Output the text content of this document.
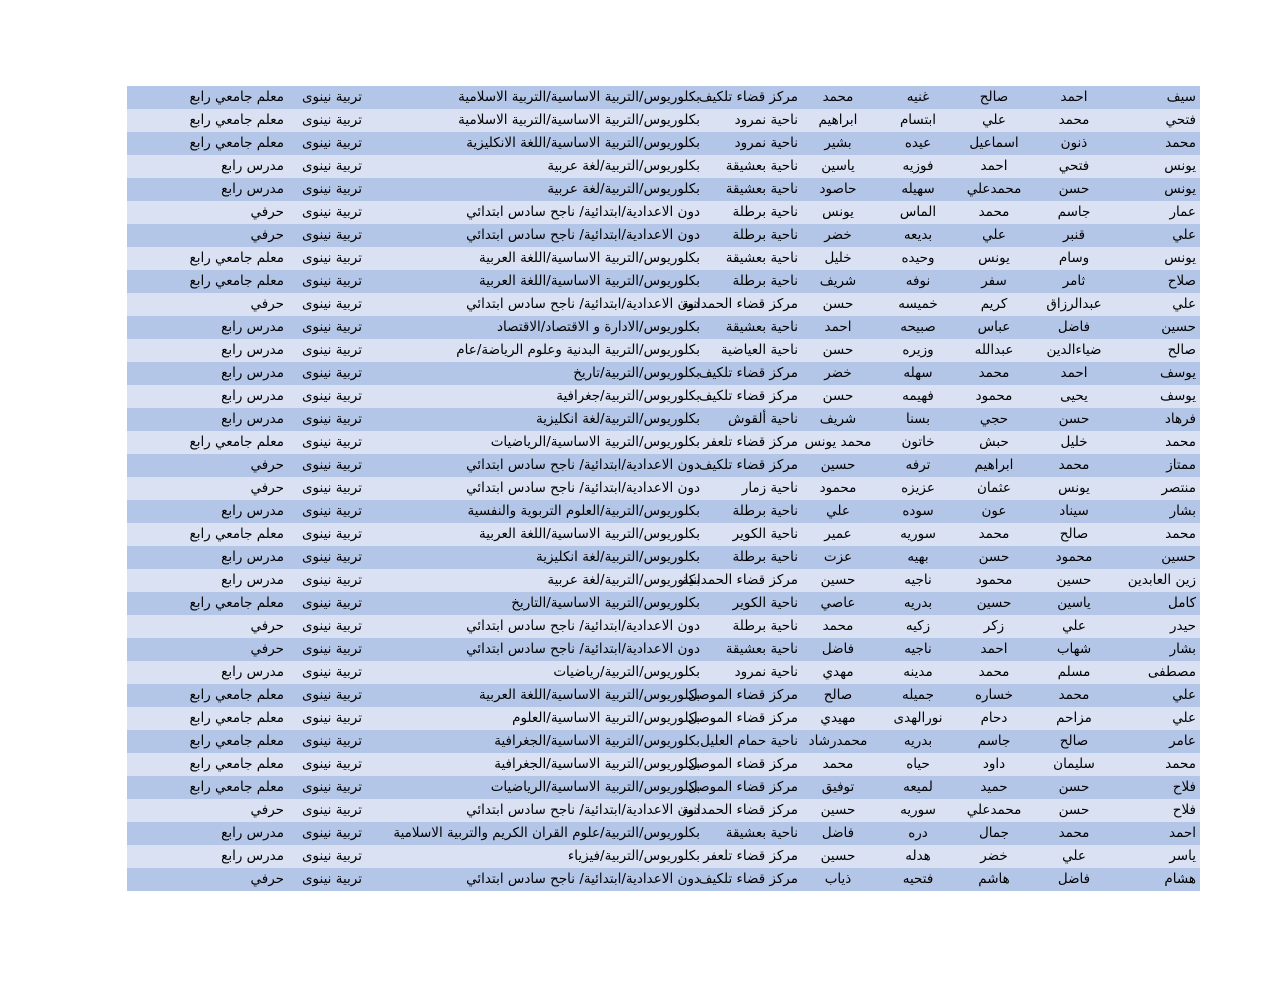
سيف
احمد
صالح
غنيه
محمد
مركز قضاء تلكيف
بكلوريوس/التربية الاساسية/التربية الاسلامية
تربية نينوى
معلم جامعي رابع
فتحي
محمد
علي
ابتسام
ابراهيم
ناحية نمرود
بكلوريوس/التربية الاساسية/التربية الاسلامية
تربية نينوى
معلم جامعي رابع
محمد
ذنون
اسماعيل
عيده
بشير
ناحية نمرود
بكلوريوس/التربية الاساسية/اللغة الانكليزية
تربية نينوى
معلم جامعي رابع
يونس
فتحي
احمد
فوزيه
ياسين
ناحية بعشيقة
بكلوريوس/التربية/لغة عربية
تربية نينوى
مدرس رابع
يونس
حسن
محمدعلي
سهيله
حاصود
ناحية بعشيقة
بكلوريوس/التربية/لغة عربية
تربية نينوى
مدرس رابع
عمار
جاسم
محمد
الماس
يونس
ناحية برطلة
دون الاعدادية/ابتدائية/ ناجح سادس ابتدائي
تربية نينوى
حرفي
علي
قنبر
علي
بديعه
خضر
ناحية برطلة
دون الاعدادية/ابتدائية/ ناجح سادس ابتدائي
تربية نينوى
حرفي
يونس
وسام
يونس
وحيده
خليل
ناحية بعشيقة
بكلوريوس/التربية الاساسية/اللغة العربية
تربية نينوى
معلم جامعي رابع
صلاح
ثامر
سفر
نوفه
شريف
ناحية برطلة
بكلوريوس/التربية الاساسية/اللغة العربية
تربية نينوى
معلم جامعي رابع
علي
عبدالرزاق
كريم
خميسه
حسن
مركز قضاء الحمدانية
دون الاعدادية/ابتدائية/ ناجح سادس ابتدائي
تربية نينوى
حرفي
حسين
فاضل
عباس
صبيحه
احمد
ناحية بعشيقة
بكلوريوس/الادارة و الاقتصاد/الاقتصاد
تربية نينوى
مدرس رابع
صالح
ضياءالدين
عبدالله
وزيره
حسن
ناحية العياضية
بكلوريوس/التربية البدنية وعلوم الرياضة/عام
تربية نينوى
مدرس رابع
يوسف
احمد
محمد
سهله
خضر
مركز قضاء تلكيف
بكلوريوس/التربية/تاريخ
تربية نينوى
مدرس رابع
يوسف
يحيى
محمود
فهيمه
حسن
مركز قضاء تلكيف
بكلوريوس/التربية/جغرافية
تربية نينوى
مدرس رابع
فرهاد
حسن
حجي
بسنا
شريف
ناحية ألقوش
بكلوريوس/التربية/لغة انكليزية
تربية نينوى
مدرس رابع
محمد
خليل
حبش
خاتون
محمد يونس
مركز قضاء تلعفر
بكلوريوس/التربية الاساسية/الرياضيات
تربية نينوى
معلم جامعي رابع
ممتاز
محمد
ابراهيم
ترفه
حسين
مركز قضاء تلكيف
دون الاعدادية/ابتدائية/ ناجح سادس ابتدائي
تربية نينوى
حرفي
منتصر
يونس
عثمان
عزيزه
محمود
ناحية زمار
دون الاعدادية/ابتدائية/ ناجح سادس ابتدائي
تربية نينوى
حرفي
بشار
سيناد
عون
سوده
علي
ناحية برطلة
بكلوريوس/التربية/العلوم التربوية والنفسية
تربية نينوى
مدرس رابع
محمد
صالح
محمد
سوريه
عمير
ناحية الكوير
بكلوريوس/التربية الاساسية/اللغة العربية
تربية نينوى
معلم جامعي رابع
حسين
محمود
حسن
بهيه
عزت
ناحية برطلة
بكلوريوس/التربية/لغة انكليزية
تربية نينوى
مدرس رابع
زين العابدين
حسين
محمود
ناجيه
حسين
مركز قضاء الحمدانية
بكلوريوس/التربية/لغة عربية
تربية نينوى
مدرس رابع
كامل
ياسين
حسين
بدريه
عاصي
ناحية الكوير
بكلوريوس/التربية الاساسية/التاريخ
تربية نينوى
معلم جامعي رابع
حيدر
علي
زكر
زكيه
محمد
ناحية برطلة
دون الاعدادية/ابتدائية/ ناجح سادس ابتدائي
تربية نينوى
حرفي
بشار
شهاب
احمد
ناجيه
فاضل
ناحية بعشيقة
دون الاعدادية/ابتدائية/ ناجح سادس ابتدائي
تربية نينوى
حرفي
مصطفى
مسلم
محمد
مدينه
مهدي
ناحية نمرود
بكلوريوس/التربية/رياضيات
تربية نينوى
مدرس رابع
علي
محمد
خساره
جميله
صالح
مركز قضاء الموصل
بكلوريوس/التربية الاساسية/اللغة العربية
تربية نينوى
معلم جامعي رابع
علي
مزاحم
دحام
نورالهدى
مهيدي
مركز قضاء الموصل
بكلوريوس/التربية الاساسية/العلوم
تربية نينوى
معلم جامعي رابع
عامر
صالح
جاسم
بدريه
محمدرشاد
ناحية حمام العليل
بكلوريوس/التربية الاساسية/الجغرافية
تربية نينوى
معلم جامعي رابع
محمد
سليمان
داود
حياه
محمد
مركز قضاء الموصل
بكلوريوس/التربية الاساسية/الجغرافية
تربية نينوى
معلم جامعي رابع
فلاح
حسن
حميد
لميعه
توفيق
مركز قضاء الموصل
بكلوريوس/التربية الاساسية/الرياضيات
تربية نينوى
معلم جامعي رابع
فلاح
حسن
محمدعلي
سوريه
حسين
مركز قضاء الحمدانية
دون الاعدادية/ابتدائية/ ناجح سادس ابتدائي
تربية نينوى
حرفي
احمد
محمد
جمال
دره
فاضل
ناحية بعشيقة
بكلوريوس/التربية/علوم القران الكريم والتربية الاسلامية
تربية نينوى
مدرس رابع
ياسر
علي
خضر
هدله
حسين
مركز قضاء تلعفر
بكلوريوس/التربية/فيزياء
تربية نينوى
مدرس رابع
هشام
فاضل
هاشم
فتحيه
ذياب
مركز قضاء تلكيف
دون الاعدادية/ابتدائية/ ناجح سادس ابتدائي
تربية نينوى
حرفي
